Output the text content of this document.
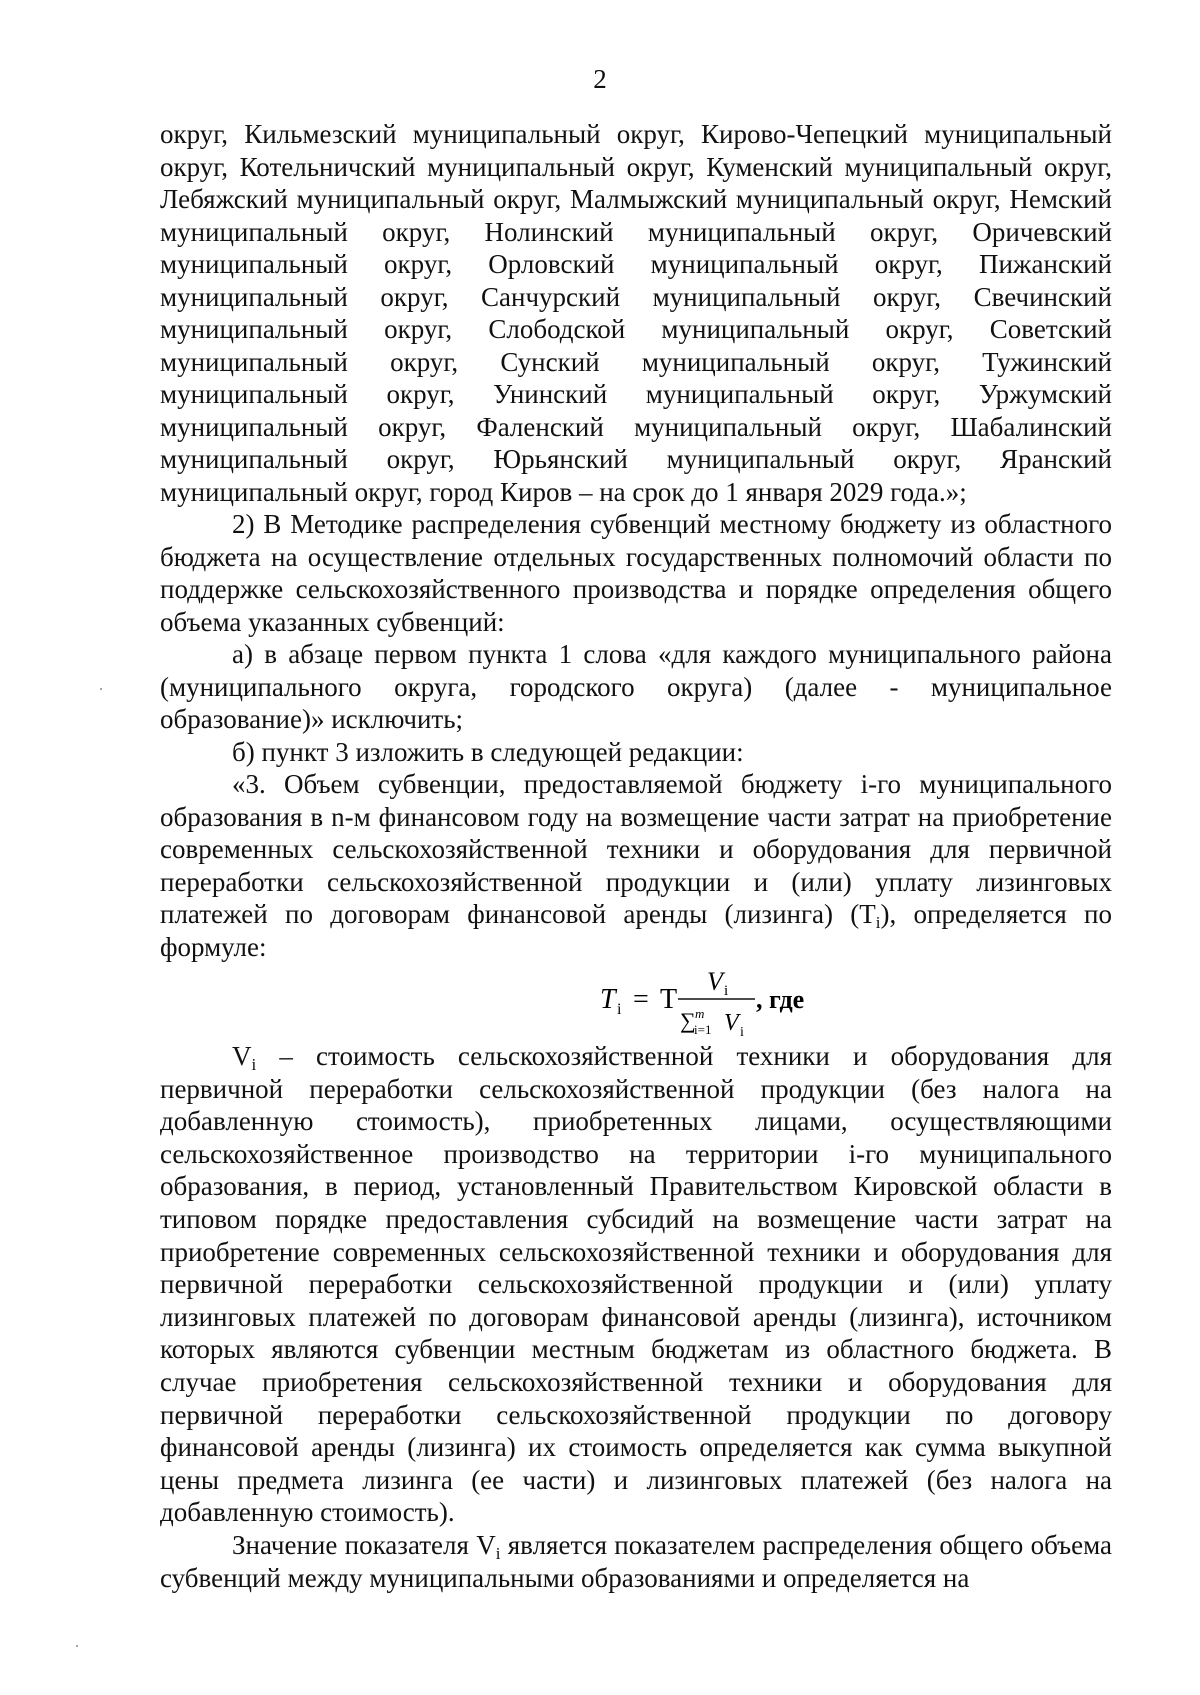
2

округ, Кильмезский муниципальный округ, Кирово-Чепецкий муниципальный округ, Котельничский муниципальный округ, Куменский муниципальный округ, Лебяжский муниципальный округ, Малмыжский муниципальный округ, Немский муниципальный округ, Нолинский муниципальный округ, Оричевский муниципальный округ, Орловский муниципальный округ, Пижанский муниципальный округ, Санчурский муниципальный округ, Свечинский муниципальный округ, Слободской муниципальный округ, Советский муниципальный округ, Сунский муниципальный округ, Тужинский муниципальный округ, Унинский муниципальный округ, Уржумский муниципальный округ, Фаленский муниципальный округ, Шабалинский муниципальный округ, Юрьянский муниципальный округ, Яранский муниципальный округ, город Киров – на срок до 1 января 2029 года.»;

2) В Методике распределения субвенций местному бюджету из областного бюджета на осуществление отдельных государственных полномочий области по поддержке сельскохозяйственного производства и порядке определения общего объема указанных субвенций:

а) в абзаце первом пункта 1 слова «для каждого муниципального района (муниципального округа, городского округа) (далее - муниципальное образование)» исключить;

б) пункт 3 изложить в следующей редакции:

«3. Объем субвенции, предоставляемой бюджету i-го муниципального образования в n-м финансовом году на возмещение части затрат на приобретение современных сельскохозяйственной техники и оборудования для первичной переработки сельскохозяйственной продукции и (или) уплату лизинговых платежей по договорам финансовой аренды (лизинга) $(T_i)$, определяется по формуле:

T i = T
V i
∑ m
i=1 V i
, где

$V_i$ – стоимость сельскохозяйственной техники и оборудования для первичной переработки сельскохозяйственной продукции (без налога на добавленную стоимость), приобретенных лицами, осуществляющими сельскохозяйственное производство на территории i-го муниципального образования, в период, установленный Правительством Кировской области в типовом порядке предоставления субсидий на возмещение части затрат на приобретение современных сельскохозяйственной техники и оборудования для первичной переработки сельскохозяйственной продукции и (или) уплату лизинговых платежей по договорам финансовой аренды (лизинга), источником которых являются субвенции местным бюджетам из областного бюджета. В случае приобретения сельскохозяйственной техники и оборудования для первичной переработки сельскохозяйственной продукции по договору финансовой аренды (лизинга) их стоимость определяется как сумма выкупной цены предмета лизинга (ее части) и лизинговых платежей (без налога на добавленную стоимость).

Значение показателя $V_i$ является показателем распределения общего объема субвенций между муниципальными образованиями и определяется на
